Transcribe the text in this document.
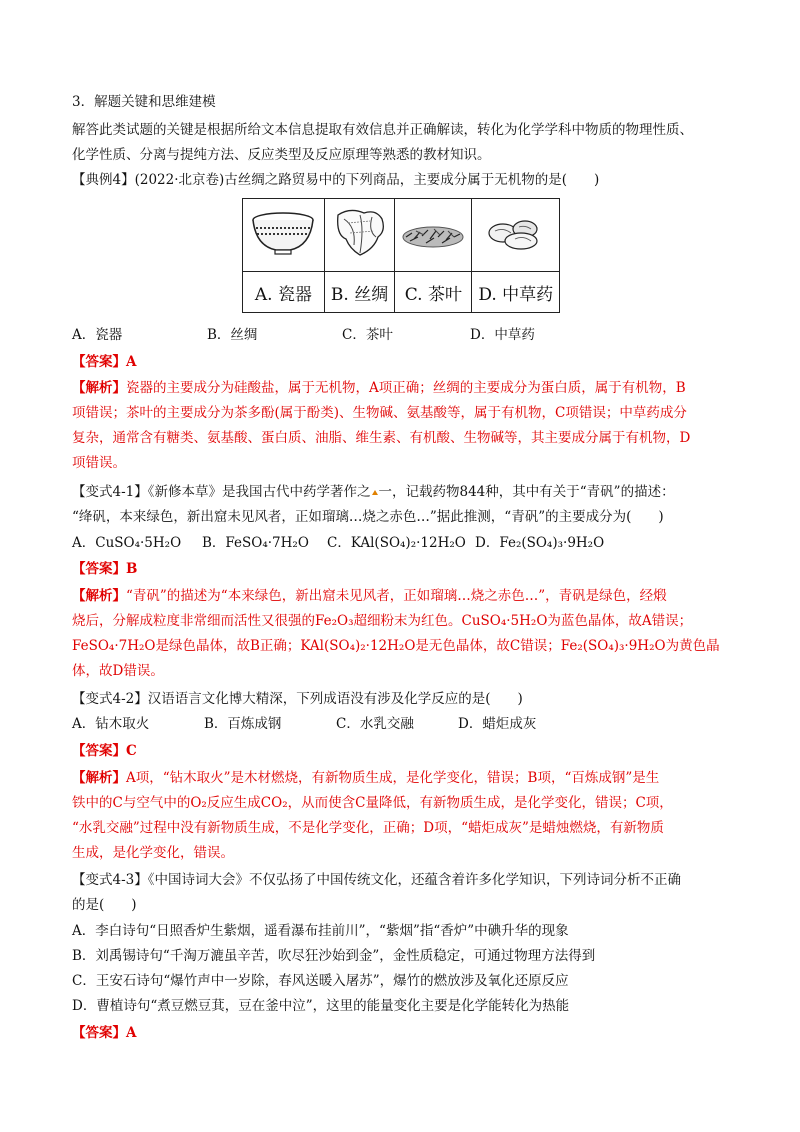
3．解题关键和思维建模
解答此类试题的关键是根据所给文本信息提取有效信息并正确解读，转化为化学学科中物质的物理性质、
化学性质、分离与提纯方法、反应类型及反应原理等熟悉的教材知识。
【典例4】(2022·北京卷)古丝绸之路贸易中的下列商品，主要成分属于无机物的是(　　)

A. 瓷器	B. 丝绸	C. 茶叶	D. 中草药
A．瓷器	B．丝绸	C．茶叶	D．中草药
【答案】A
【解析】瓷器的主要成分为硅酸盐，属于无机物，A项正确；丝绸的主要成分为蛋白质，属于有机物，B
项错误；茶叶的主要成分为茶多酚(属于酚类)、生物碱、氨基酸等，属于有机物，C项错误；中草药成分
复杂，通常含有糖类、氨基酸、蛋白质、油脂、维生素、有机酸、生物碱等，其主要成分属于有机物，D
项错误。
【变式4-1】《新修本草》是我国古代中药学著作之 一，记载药物844种，其中有关于“青矾”的描述：
“绛矾，本来绿色，新出窟未见风者，正如瑠璃…烧之赤色…”据此推测，“青矾”的主要成分为(　　)
A．CuSO₄·5H₂O B．FeSO₄·7H₂O C．KAl(SO₄)₂·12H₂O D．Fe₂(SO₄)₃·9H₂O
【答案】B
【解析】“青矾”的描述为“本来绿色，新出窟未见风者，正如瑠璃…烧之赤色…”，青矾是绿色，经煅
烧后，分解成粒度非常细而活性又很强的Fe₂O₃超细粉末为红色。CuSO₄·5H₂O为蓝色晶体，故A错误；
FeSO₄·7H₂O是绿色晶体，故B正确；KAl(SO₄)₂·12H₂O是无色晶体，故C错误；Fe₂(SO₄)₃·9H₂O为黄色晶
体，故D错误。
【变式4-2】汉语语言文化博大精深，下列成语没有涉及化学反应的是(　　)
A．钻木取火	B．百炼成钢	C．水乳交融	D．蜡炬成灰
【答案】C
【解析】A项，“钻木取火”是木材燃烧，有新物质生成，是化学变化，错误；B项，“百炼成钢”是生
铁中的C与空气中的O₂反应生成CO₂，从而使含C量降低，有新物质生成，是化学变化，错误；C项，
“水乳交融”过程中没有新物质生成，不是化学变化，正确；D项，“蜡炬成灰”是蜡烛燃烧，有新物质
生成，是化学变化，错误。
【变式4-3】《中国诗词大会》不仅弘扬了中国传统文化，还蕴含着许多化学知识，下列诗词分析不正确
的是(　　)
A．李白诗句“日照香炉生紫烟，遥看瀑布挂前川”，“紫烟”指“香炉”中碘升华的现象
B．刘禹锡诗句“千淘万漉虽辛苦，吹尽狂沙始到金”，金性质稳定，可通过物理方法得到
C．王安石诗句“爆竹声中一岁除，春风送暖入屠苏”，爆竹的燃放涉及氧化还原反应
D．曹植诗句“煮豆燃豆萁，豆在釜中泣”，这里的能量变化主要是化学能转化为热能
【答案】A
